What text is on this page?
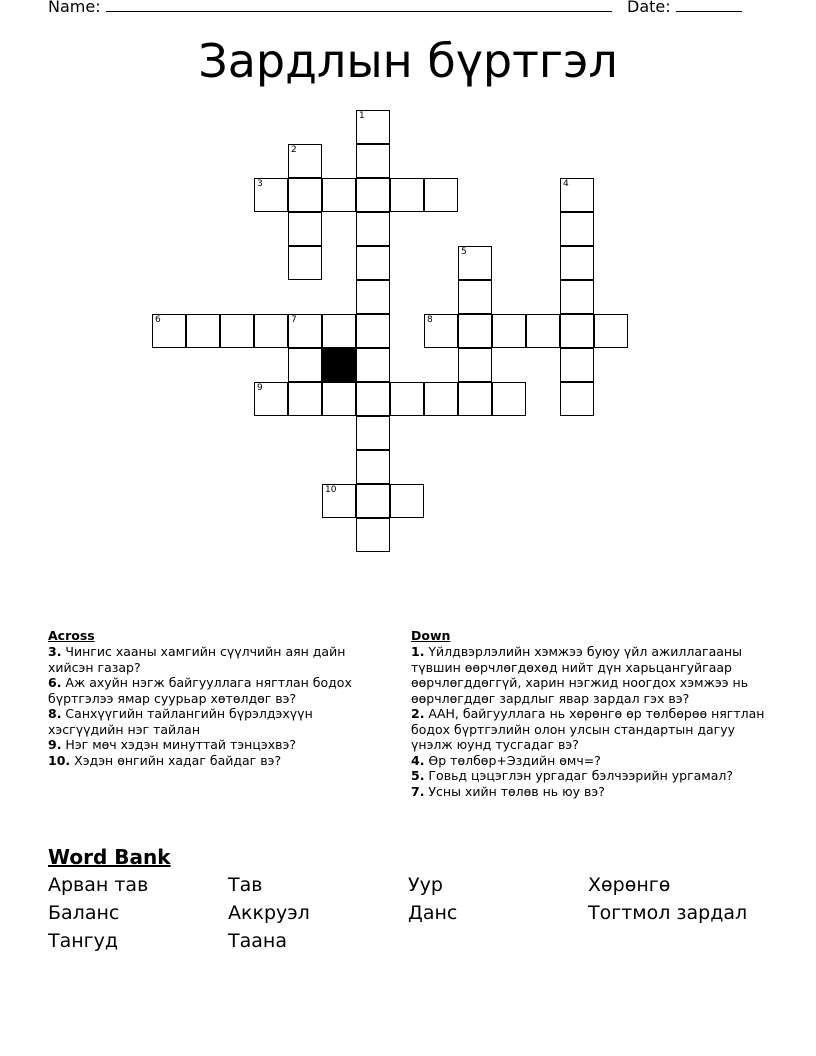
Name:	Date:
Зардлын бүртгэл
1
2
3	4
5
6	7	8
9
10
Across
3. Чингис хааны хамгийн сүүлчийн аян дайн хийсэн газар?
6. Аж ахуйн нэгж байгууллага нягтлан бодох бүртгэлээ ямар суурьар хөтөлдөг вэ?
8. Санхүүгийн тайлангийн бүрэлдэхүүн хэсгүүдийн нэг тайлан
9. Нэг мөч хэдэн минуттай тэнцэхвэ?
10. Хэдэн өнгийн хадаг байдаг вэ?
Down
1. Үйлдвэрлэлийн хэмжээ буюу үйл ажиллагааны түвшин өөрчлөгдөхөд нийт дүн харьцангуйгаар өөрчлөгддөггүй, харин нэгжид ноогдох хэмжээ нь өөрчлөгддөг зардлыг явар зардал гэх вэ?
2. ААН, байгууллага нь хөрөнгө өр төлбөрөө нягтлан бодох бүртгэлийн олон улсын стандартын дагуу үнэлж юунд тусгадаг вэ?
4. Өр төлбөр+Эздийн өмч=?
5. Говьд цэцэглэн ургадаг бэлчээрийн ургамал?
7. Усны хийн төлөв нь юу вэ?
Word Bank
Арван тав	Тав	Уур	Хөрөнгө
Баланс	Аккруэл	Данс	Тогтмол зардал
Тангуд	Таана
